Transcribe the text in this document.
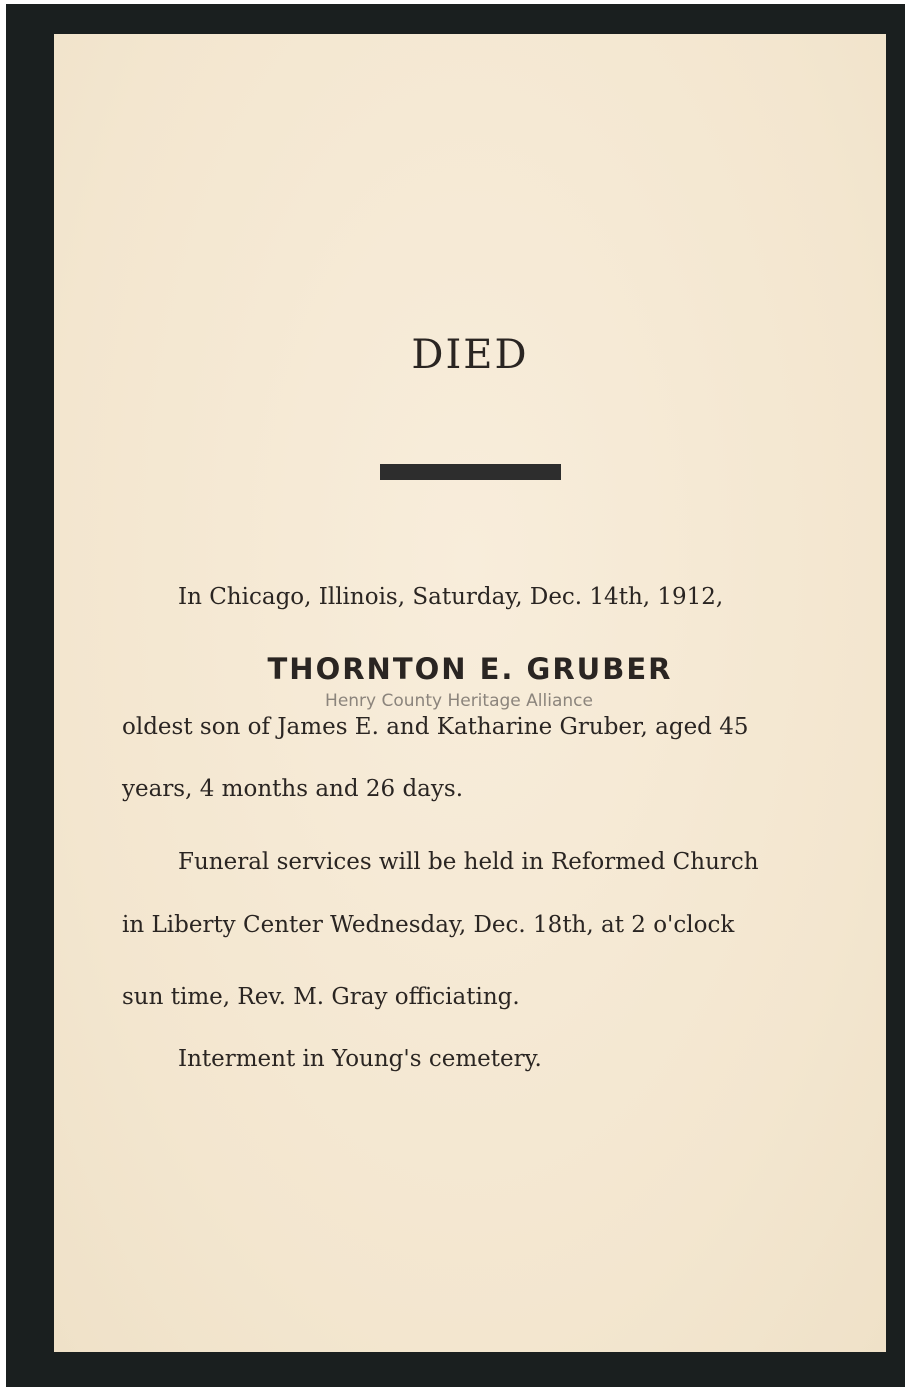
DIED

In Chicago, Illinois, Saturday, Dec. 14th, 1912,

THORNTON E. GRUBER

Henry County Heritage Alliance

oldest son of James E. and Katharine Gruber, aged 45

years, 4 months and 26 days.

Funeral services will be held in Reformed Church

in Liberty Center Wednesday, Dec. 18th, at 2 o'clock

sun time, Rev. M. Gray officiating.

Interment in Young's cemetery.
